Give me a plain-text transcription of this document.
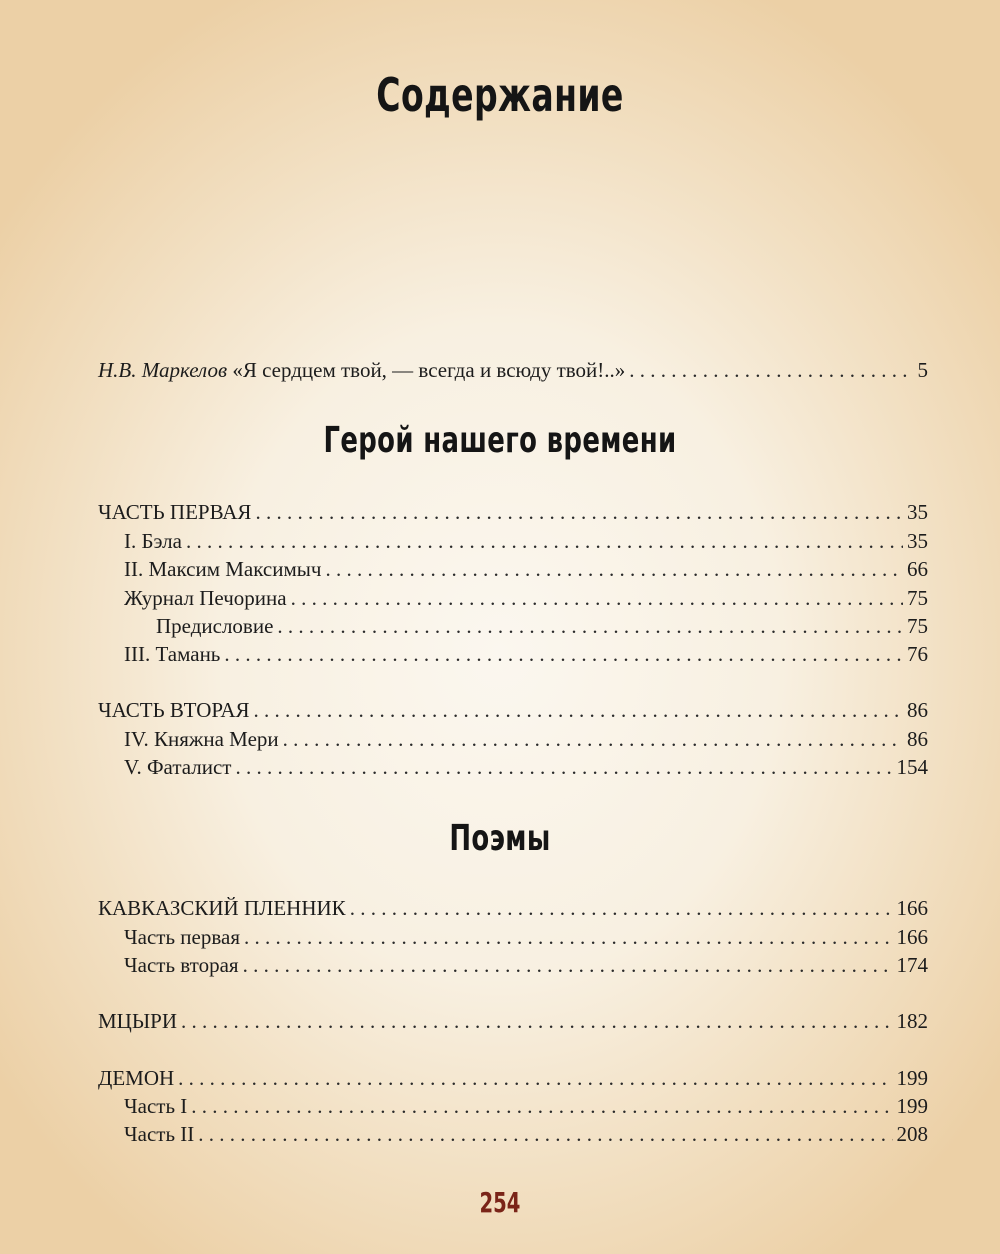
Содержание
Н.В. Маркелов «Я сердцем твой, — всегда и всюду твой!..» . . .	5
Герой нашего времени
ЧАСТЬ ПЕРВАЯ . . .	35
I. Бэла . . .	35
II. Максим Максимыч . . .	66
Журнал Печорина . . .	75
Предисловие . . .	75
III. Тамань . . .	76
ЧАСТЬ ВТОРАЯ . . .	86
IV. Княжна Мери . . .	86
V. Фаталист . . .	154
Поэмы
КАВКАЗСКИЙ ПЛЕННИК . . .	166
Часть первая . . .	166
Часть вторая . . .	174
МЦЫРИ . . .	182
ДЕМОН . . .	199
Часть I . . .	199
Часть II . . .	208
254
